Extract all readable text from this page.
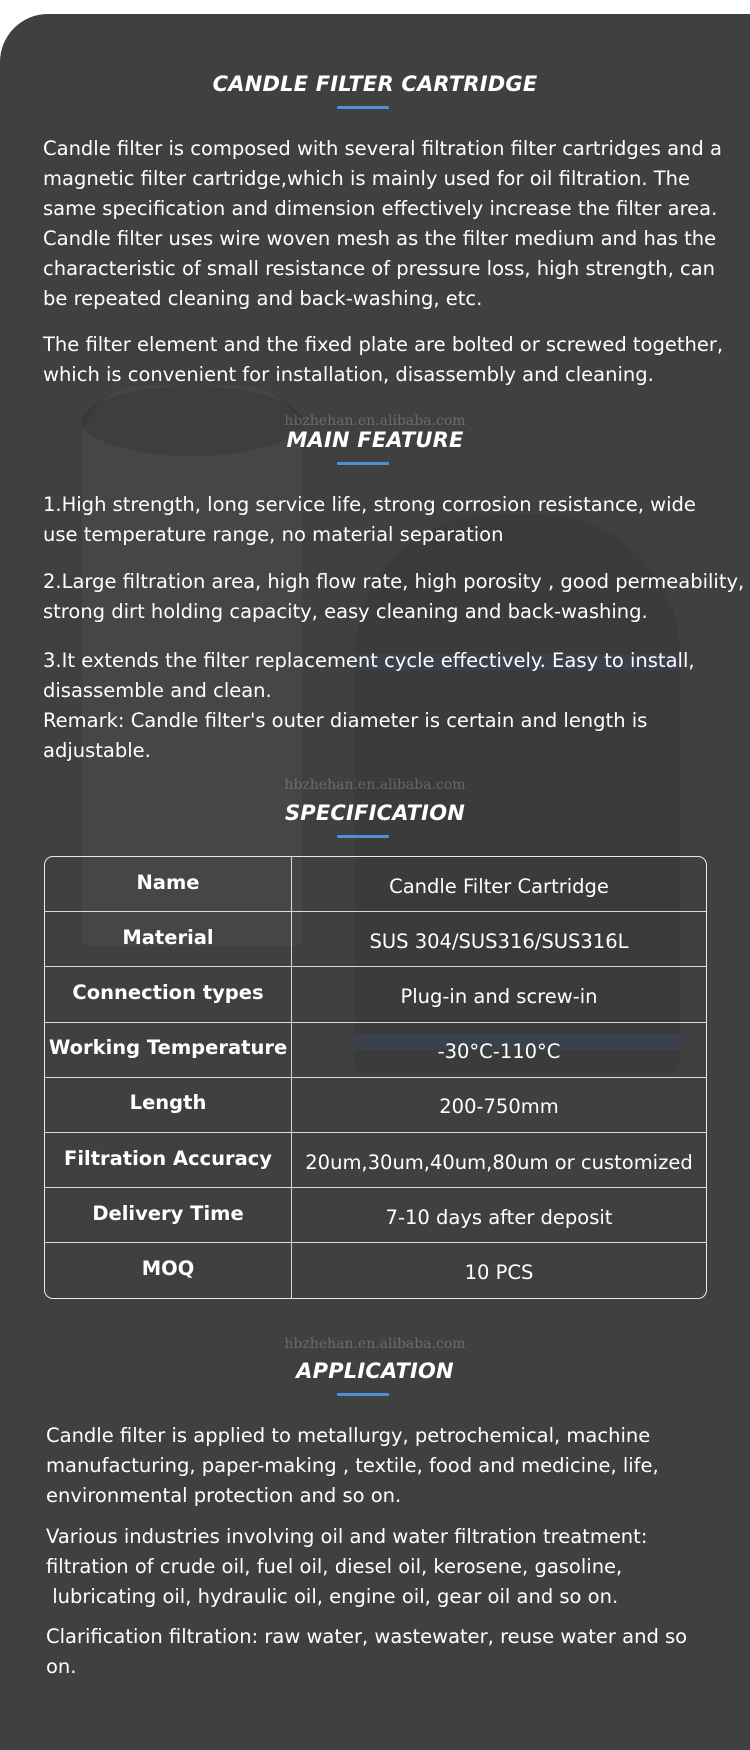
CANDLE FILTER CARTRIDGE

Candle filter is composed with several filtration filter cartridges and a
magnetic filter cartridge,which is mainly used for oil filtration. The
same specification and dimension effectively increase the filter area.
Candle filter uses wire woven mesh as the filter medium and has the
characteristic of small resistance of pressure loss, high strength, can
be repeated cleaning and back-washing, etc.

The filter element and the fixed plate are bolted or screwed together,
which is convenient for installation, disassembly and cleaning.

hbzhehan.en.alibaba.com
MAIN FEATURE

1.High strength, long service life, strong corrosion resistance, wide
use temperature range, no material separation

2.Large filtration area, high flow rate, high porosity , good permeability,
strong dirt holding capacity, easy cleaning and back-washing.

3.It extends the filter replacement cycle effectively. Easy to install,
disassemble and clean.
Remark: Candle filter's outer diameter is certain and length is
adjustable.

hbzhehan.en.alibaba.com
SPECIFICATION
Name	Candle Filter Cartridge
Material	SUS 304/SUS316/SUS316L
Connection types	Plug-in and screw-in
Working Temperature	-30°C-110°C
Length	200-750mm
Filtration Accuracy	20um,30um,40um,80um or customized
Delivery Time	7-10 days after deposit
MOQ	10 PCS
hbzhehan.en.alibaba.com
APPLICATION

Candle filter is applied to metallurgy, petrochemical, machine
manufacturing, paper-making , textile, food and medicine, life,
environmental protection and so on.

Various industries involving oil and water filtration treatment:
filtration of crude oil, fuel oil, diesel oil, kerosene, gasoline,
lubricating oil, hydraulic oil, engine oil, gear oil and so on.

Clarification filtration: raw water, wastewater, reuse water and so
on.
